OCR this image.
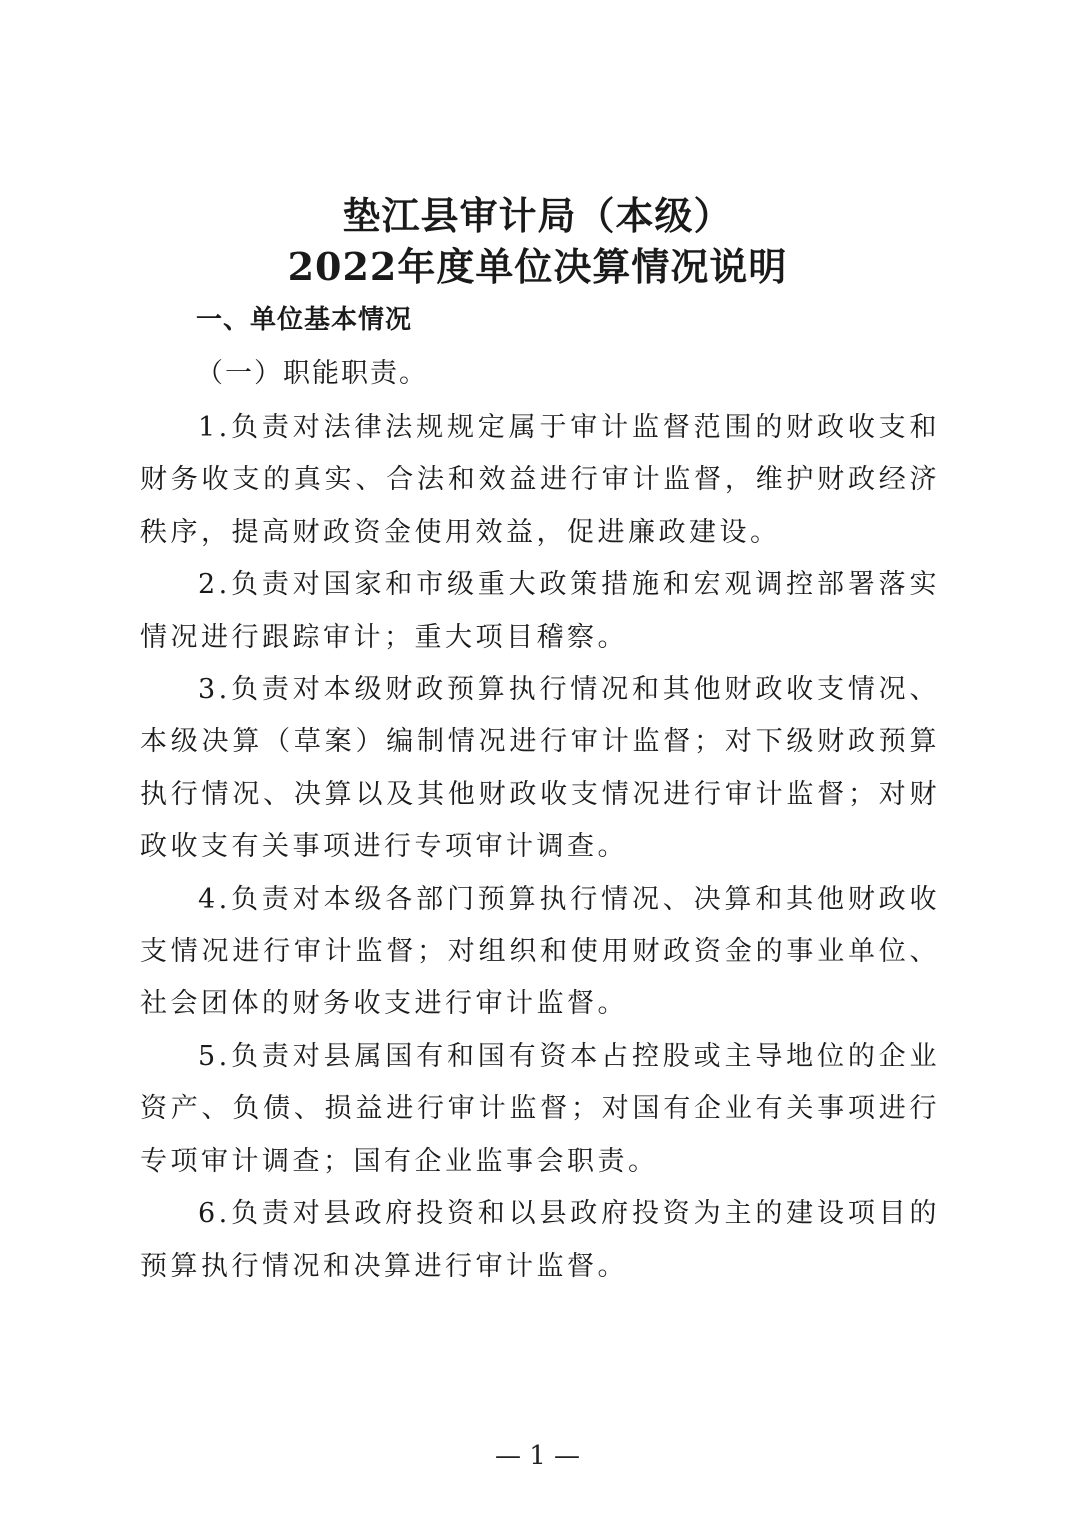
垫江县审计局（本级）
2022年度单位决算情况说明
一、单位基本情况
（一）职能职责。

1.负责对法律法规规定属于审计监督范围的财政收支和财务收支的真实、合法和效益进行审计监督，维护财政经济秩序，提高财政资金使用效益，促进廉政建设。

2.负责对国家和市级重大政策措施和宏观调控部署落实情况进行跟踪审计；重大项目稽察。

3.负责对本级财政预算执行情况和其他财政收支情况、本级决算（草案）编制情况进行审计监督；对下级财政预算执行情况、决算以及其他财政收支情况进行审计监督；对财政收支有关事项进行专项审计调查。

4.负责对本级各部门预算执行情况、决算和其他财政收支情况进行审计监督；对组织和使用财政资金的事业单位、社会团体的财务收支进行审计监督。

5.负责对县属国有和国有资本占控股或主导地位的企业资产、负债、损益进行审计监督；对国有企业有关事项进行专项审计调查；国有企业监事会职责。

6.负责对县政府投资和以县政府投资为主的建设项目的预算执行情况和决算进行审计监督。

— 1 —
